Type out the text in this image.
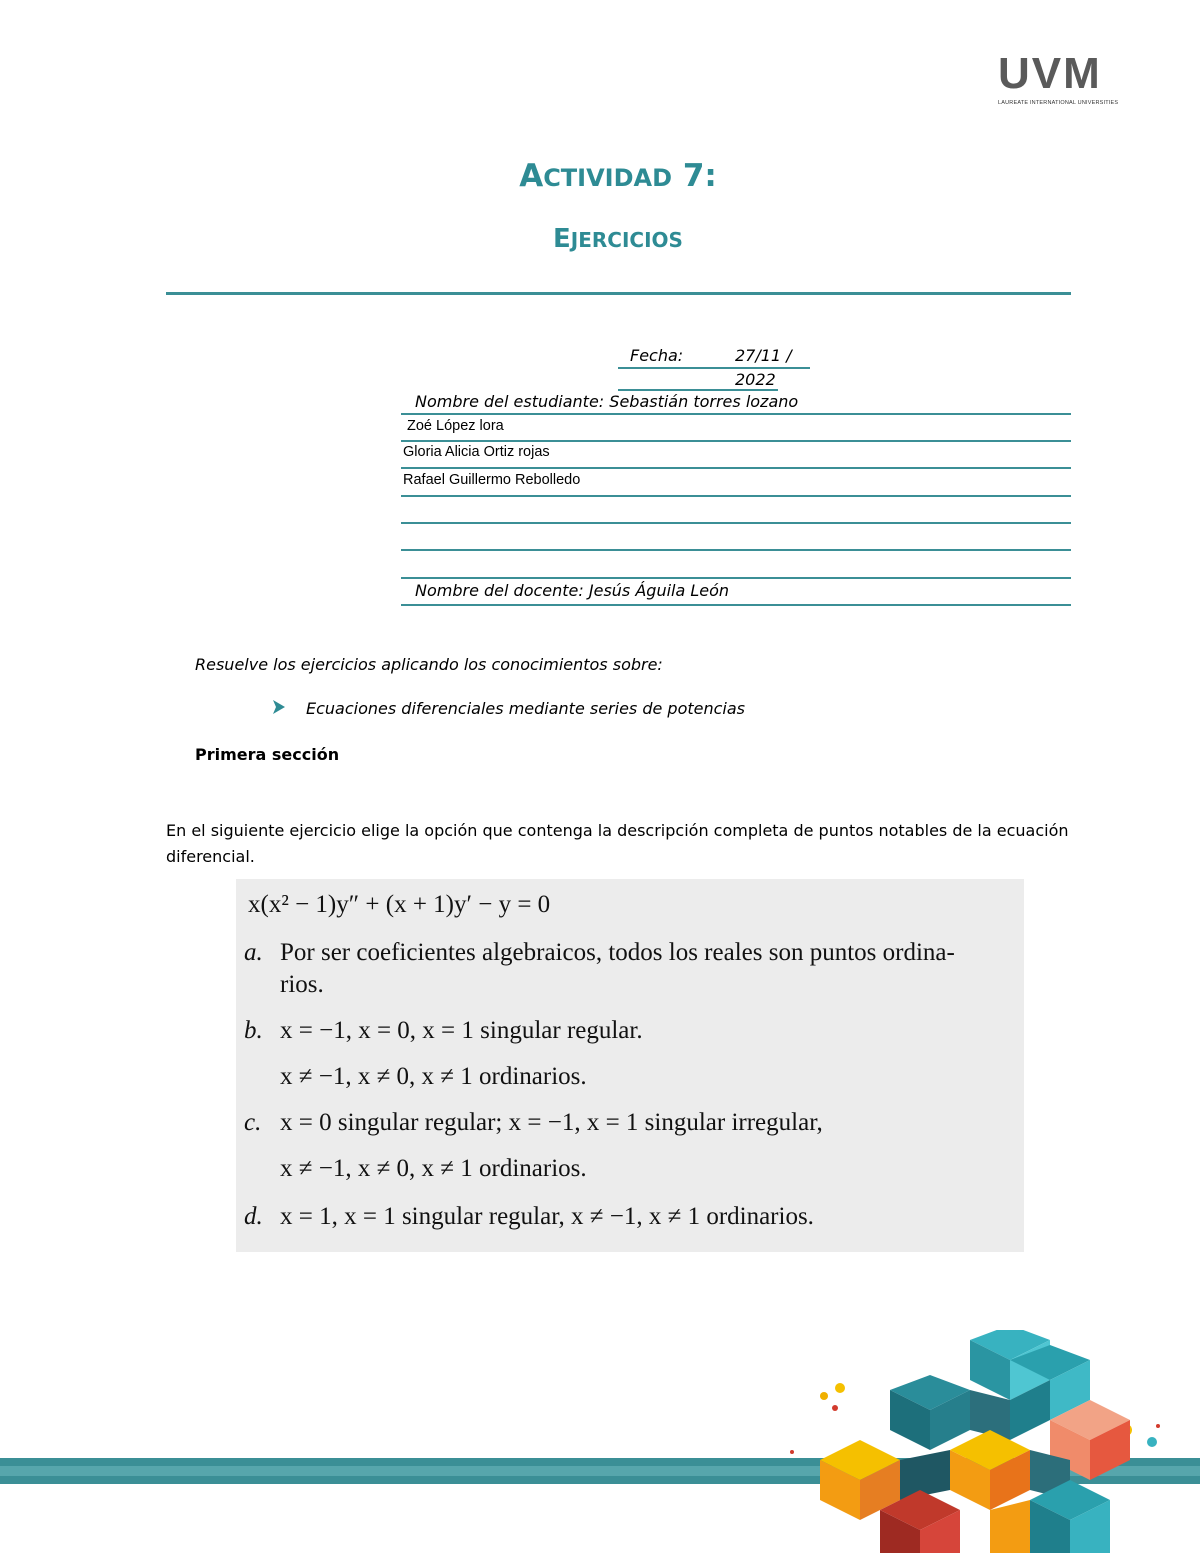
UVM
LAUREATE INTERNATIONAL UNIVERSITIES
ACTIVIDAD 7:
EJERCICIOS
Fecha:	27/11 /
2022
Nombre del estudiante: Sebastián torres lozano
Zoé López lora
Gloria Alicia Ortiz rojas
Rafael Guillermo Rebolledo
Nombre del docente: Jesús Águila León
Resuelve los ejercicios aplicando los conocimientos sobre:
Ecuaciones diferenciales mediante series de potencias
Primera sección
En el siguiente ejercicio elige la opción que contenga la descripción completa de puntos notables de la ecuación diferencial.
x(x² − 1)y″ + (x + 1)y′ − y = 0
a. Por ser coeficientes algebraicos, todos los reales son puntos ordina-
rios.
b. x = −1, x = 0, x = 1 singular regular.
x ≠ −1, x ≠ 0, x ≠ 1 ordinarios.
c. x = 0 singular regular; x = −1, x = 1 singular irregular,
x ≠ −1, x ≠ 0, x ≠ 1 ordinarios.
d. x = 1, x = 1 singular regular, x ≠ −1, x ≠ 1 ordinarios.
